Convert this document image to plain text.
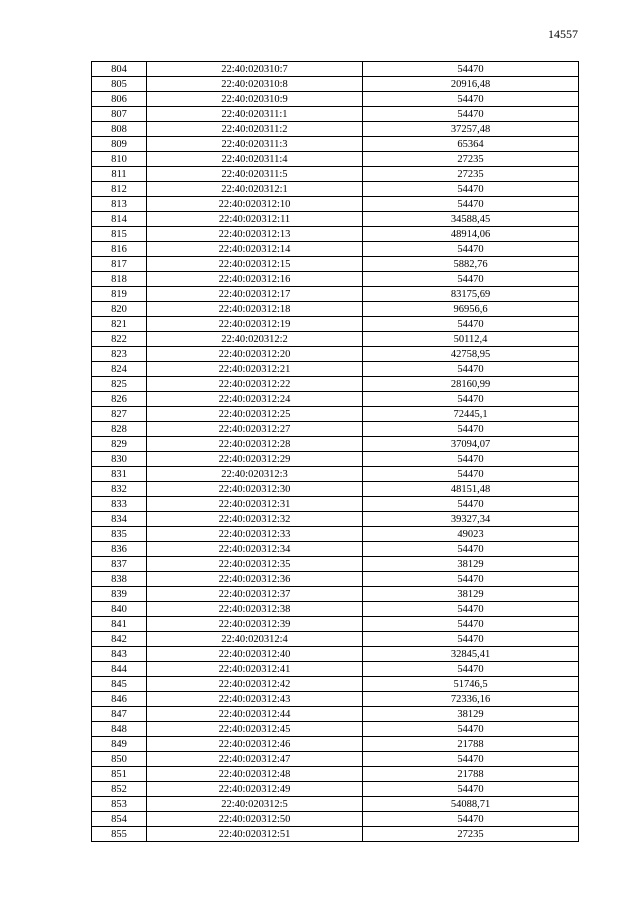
14557
804	22:40:020310:7	54470
805	22:40:020310:8	20916,48
806	22:40:020310:9	54470
807	22:40:020311:1	54470
808	22:40:020311:2	37257,48
809	22:40:020311:3	65364
810	22:40:020311:4	27235
811	22:40:020311:5	27235
812	22:40:020312:1	54470
813	22:40:020312:10	54470
814	22:40:020312:11	34588,45
815	22:40:020312:13	48914,06
816	22:40:020312:14	54470
817	22:40:020312:15	5882,76
818	22:40:020312:16	54470
819	22:40:020312:17	83175,69
820	22:40:020312:18	96956,6
821	22:40:020312:19	54470
822	22:40:020312:2	50112,4
823	22:40:020312:20	42758,95
824	22:40:020312:21	54470
825	22:40:020312:22	28160,99
826	22:40:020312:24	54470
827	22:40:020312:25	72445,1
828	22:40:020312:27	54470
829	22:40:020312:28	37094,07
830	22:40:020312:29	54470
831	22:40:020312:3	54470
832	22:40:020312:30	48151,48
833	22:40:020312:31	54470
834	22:40:020312:32	39327,34
835	22:40:020312:33	49023
836	22:40:020312:34	54470
837	22:40:020312:35	38129
838	22:40:020312:36	54470
839	22:40:020312:37	38129
840	22:40:020312:38	54470
841	22:40:020312:39	54470
842	22:40:020312:4	54470
843	22:40:020312:40	32845,41
844	22:40:020312:41	54470
845	22:40:020312:42	51746,5
846	22:40:020312:43	72336,16
847	22:40:020312:44	38129
848	22:40:020312:45	54470
849	22:40:020312:46	21788
850	22:40:020312:47	54470
851	22:40:020312:48	21788
852	22:40:020312:49	54470
853	22:40:020312:5	54088,71
854	22:40:020312:50	54470
855	22:40:020312:51	27235
